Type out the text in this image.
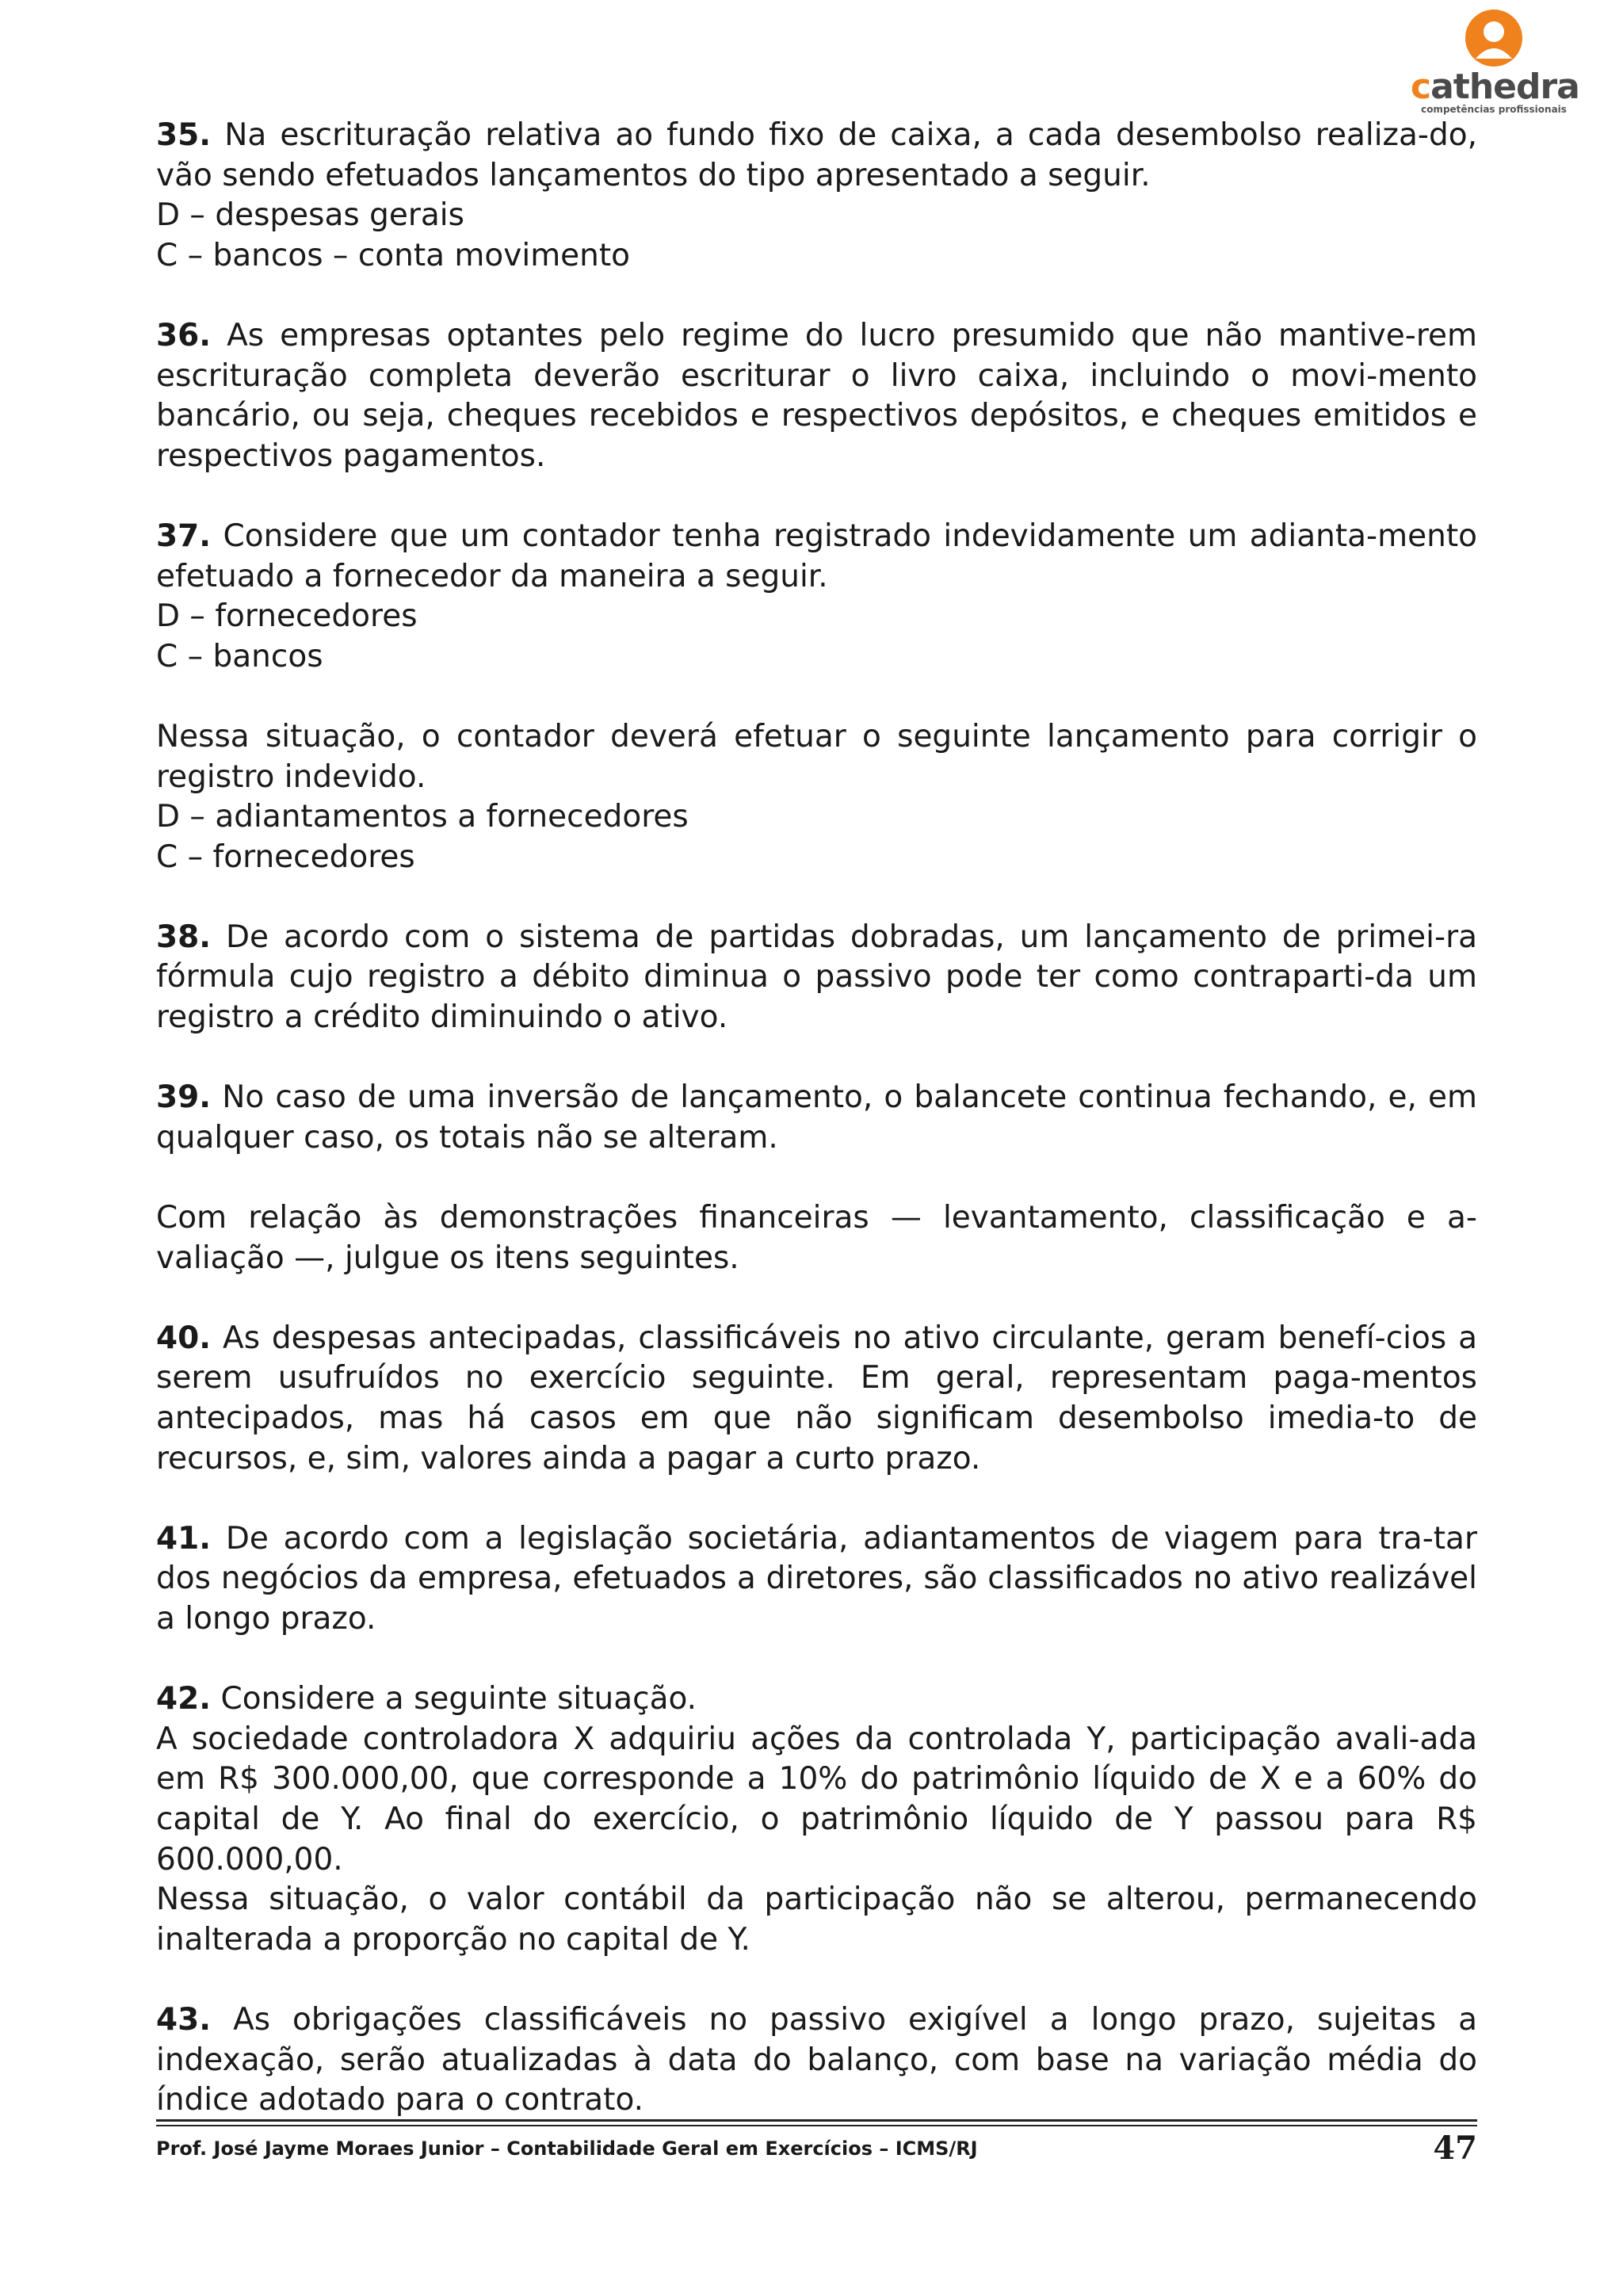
cathedra
competências profissionais
35. Na escrituração relativa ao fundo fixo de caixa, a cada desembolso realiza-do, vão sendo efetuados lançamentos do tipo apresentado a seguir.
D – despesas gerais
C – bancos – conta movimento
36. As empresas optantes pelo regime do lucro presumido que não mantive-rem escrituração completa deverão escriturar o livro caixa, incluindo o movi-mento bancário, ou seja, cheques recebidos e respectivos depósitos, e cheques emitidos e respectivos pagamentos.
37. Considere que um contador tenha registrado indevidamente um adianta-mento efetuado a fornecedor da maneira a seguir.
D – fornecedores
C – bancos
Nessa situação, o contador deverá efetuar o seguinte lançamento para corrigir o registro indevido.
D – adiantamentos a fornecedores
C – fornecedores
38. De acordo com o sistema de partidas dobradas, um lançamento de primei-ra fórmula cujo registro a débito diminua o passivo pode ter como contraparti-da um registro a crédito diminuindo o ativo.
39. No caso de uma inversão de lançamento, o balancete continua fechando, e, em qualquer caso, os totais não se alteram.
Com relação às demonstrações financeiras — levantamento, classificação e a-valiação —, julgue os itens seguintes.
40. As despesas antecipadas, classificáveis no ativo circulante, geram benefí-cios a serem usufruídos no exercício seguinte. Em geral, representam paga-mentos antecipados, mas há casos em que não significam desembolso imedia-to de recursos, e, sim, valores ainda a pagar a curto prazo.
41. De acordo com a legislação societária, adiantamentos de viagem para tra-tar dos negócios da empresa, efetuados a diretores, são classificados no ativo realizável a longo prazo.
42. Considere a seguinte situação.
A sociedade controladora X adquiriu ações da controlada Y, participação avali-ada em R$ 300.000,00, que corresponde a 10% do patrimônio líquido de X e a 60% do capital de Y. Ao final do exercício, o patrimônio líquido de Y passou para R$ 600.000,00.
Nessa situação, o valor contábil da participação não se alterou, permanecendo inalterada a proporção no capital de Y.
43. As obrigações classificáveis no passivo exigível a longo prazo, sujeitas a indexação, serão atualizadas à data do balanço, com base na variação média do índice adotado para o contrato.
Prof. José Jayme Moraes Junior – Contabilidade Geral em Exercícios – ICMS/RJ	47
